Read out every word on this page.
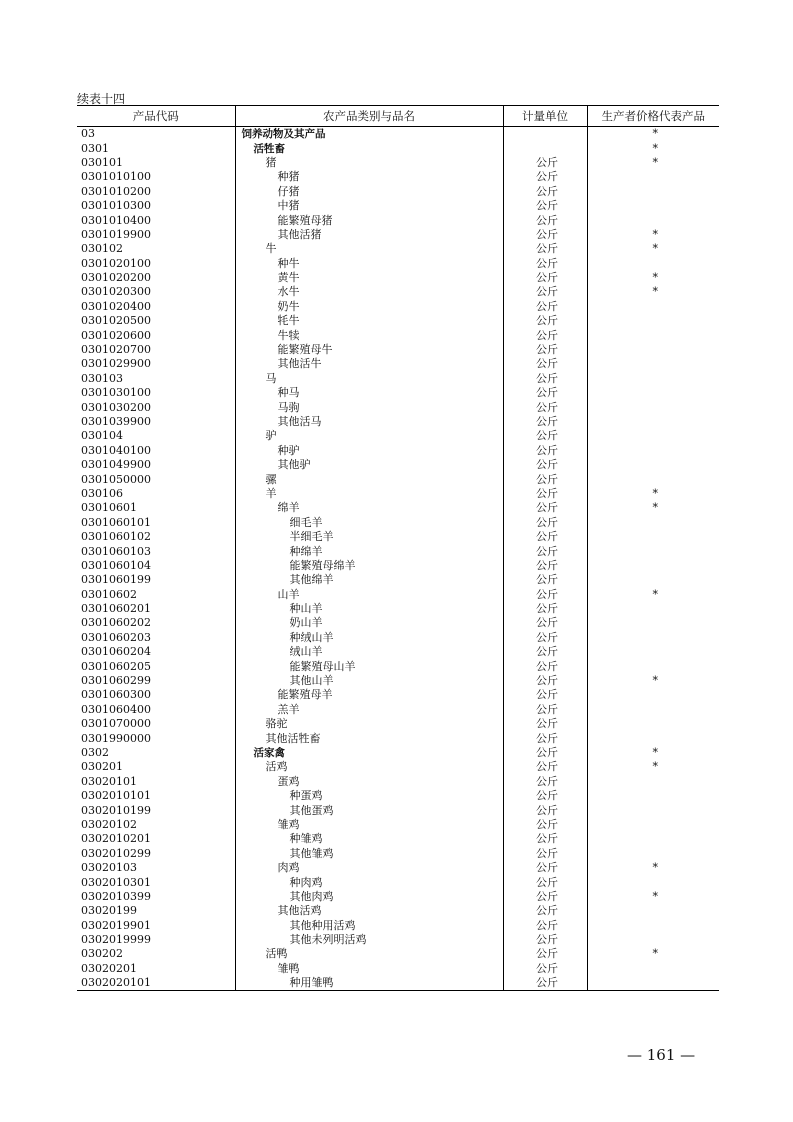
续表十四
产品代码	农产品类别与品名	计量单位	生产者价格代表产品
03	饲养动物及其产品		*
0301	活牲畜		*
030101	猪	公斤	*
0301010100	种猪	公斤	
0301010200	仔猪	公斤	
0301010300	中猪	公斤	
0301010400	能繁殖母猪	公斤	
0301019900	其他活猪	公斤	*
030102	牛	公斤	*
0301020100	种牛	公斤	
0301020200	黄牛	公斤	*
0301020300	水牛	公斤	*
0301020400	奶牛	公斤	
0301020500	牦牛	公斤	
0301020600	牛犊	公斤	
0301020700	能繁殖母牛	公斤	
0301029900	其他活牛	公斤	
030103	马	公斤	
0301030100	种马	公斤	
0301030200	马驹	公斤	
0301039900	其他活马	公斤	
030104	驴	公斤	
0301040100	种驴	公斤	
0301049900	其他驴	公斤	
0301050000	骡	公斤	
030106	羊	公斤	*
03010601	绵羊	公斤	*
0301060101	细毛羊	公斤	
0301060102	半细毛羊	公斤	
0301060103	种绵羊	公斤	
0301060104	能繁殖母绵羊	公斤	
0301060199	其他绵羊	公斤	
03010602	山羊	公斤	*
0301060201	种山羊	公斤	
0301060202	奶山羊	公斤	
0301060203	种绒山羊	公斤	
0301060204	绒山羊	公斤	
0301060205	能繁殖母山羊	公斤	
0301060299	其他山羊	公斤	*
0301060300	能繁殖母羊	公斤	
0301060400	羔羊	公斤	
0301070000	骆驼	公斤	
0301990000	其他活牲畜	公斤	
0302	活家禽	公斤	*
030201	活鸡	公斤	*
03020101	蛋鸡	公斤	
0302010101	种蛋鸡	公斤	
0302010199	其他蛋鸡	公斤	
03020102	雏鸡	公斤	
0302010201	种雏鸡	公斤	
0302010299	其他雏鸡	公斤	
03020103	肉鸡	公斤	*
0302010301	种肉鸡	公斤	
0302010399	其他肉鸡	公斤	*
03020199	其他活鸡	公斤	
0302019901	其他种用活鸡	公斤	
0302019999	其他未列明活鸡	公斤	
030202	活鸭	公斤	*
03020201	雏鸭	公斤	
0302020101	种用雏鸭	公斤	
— 161 —
